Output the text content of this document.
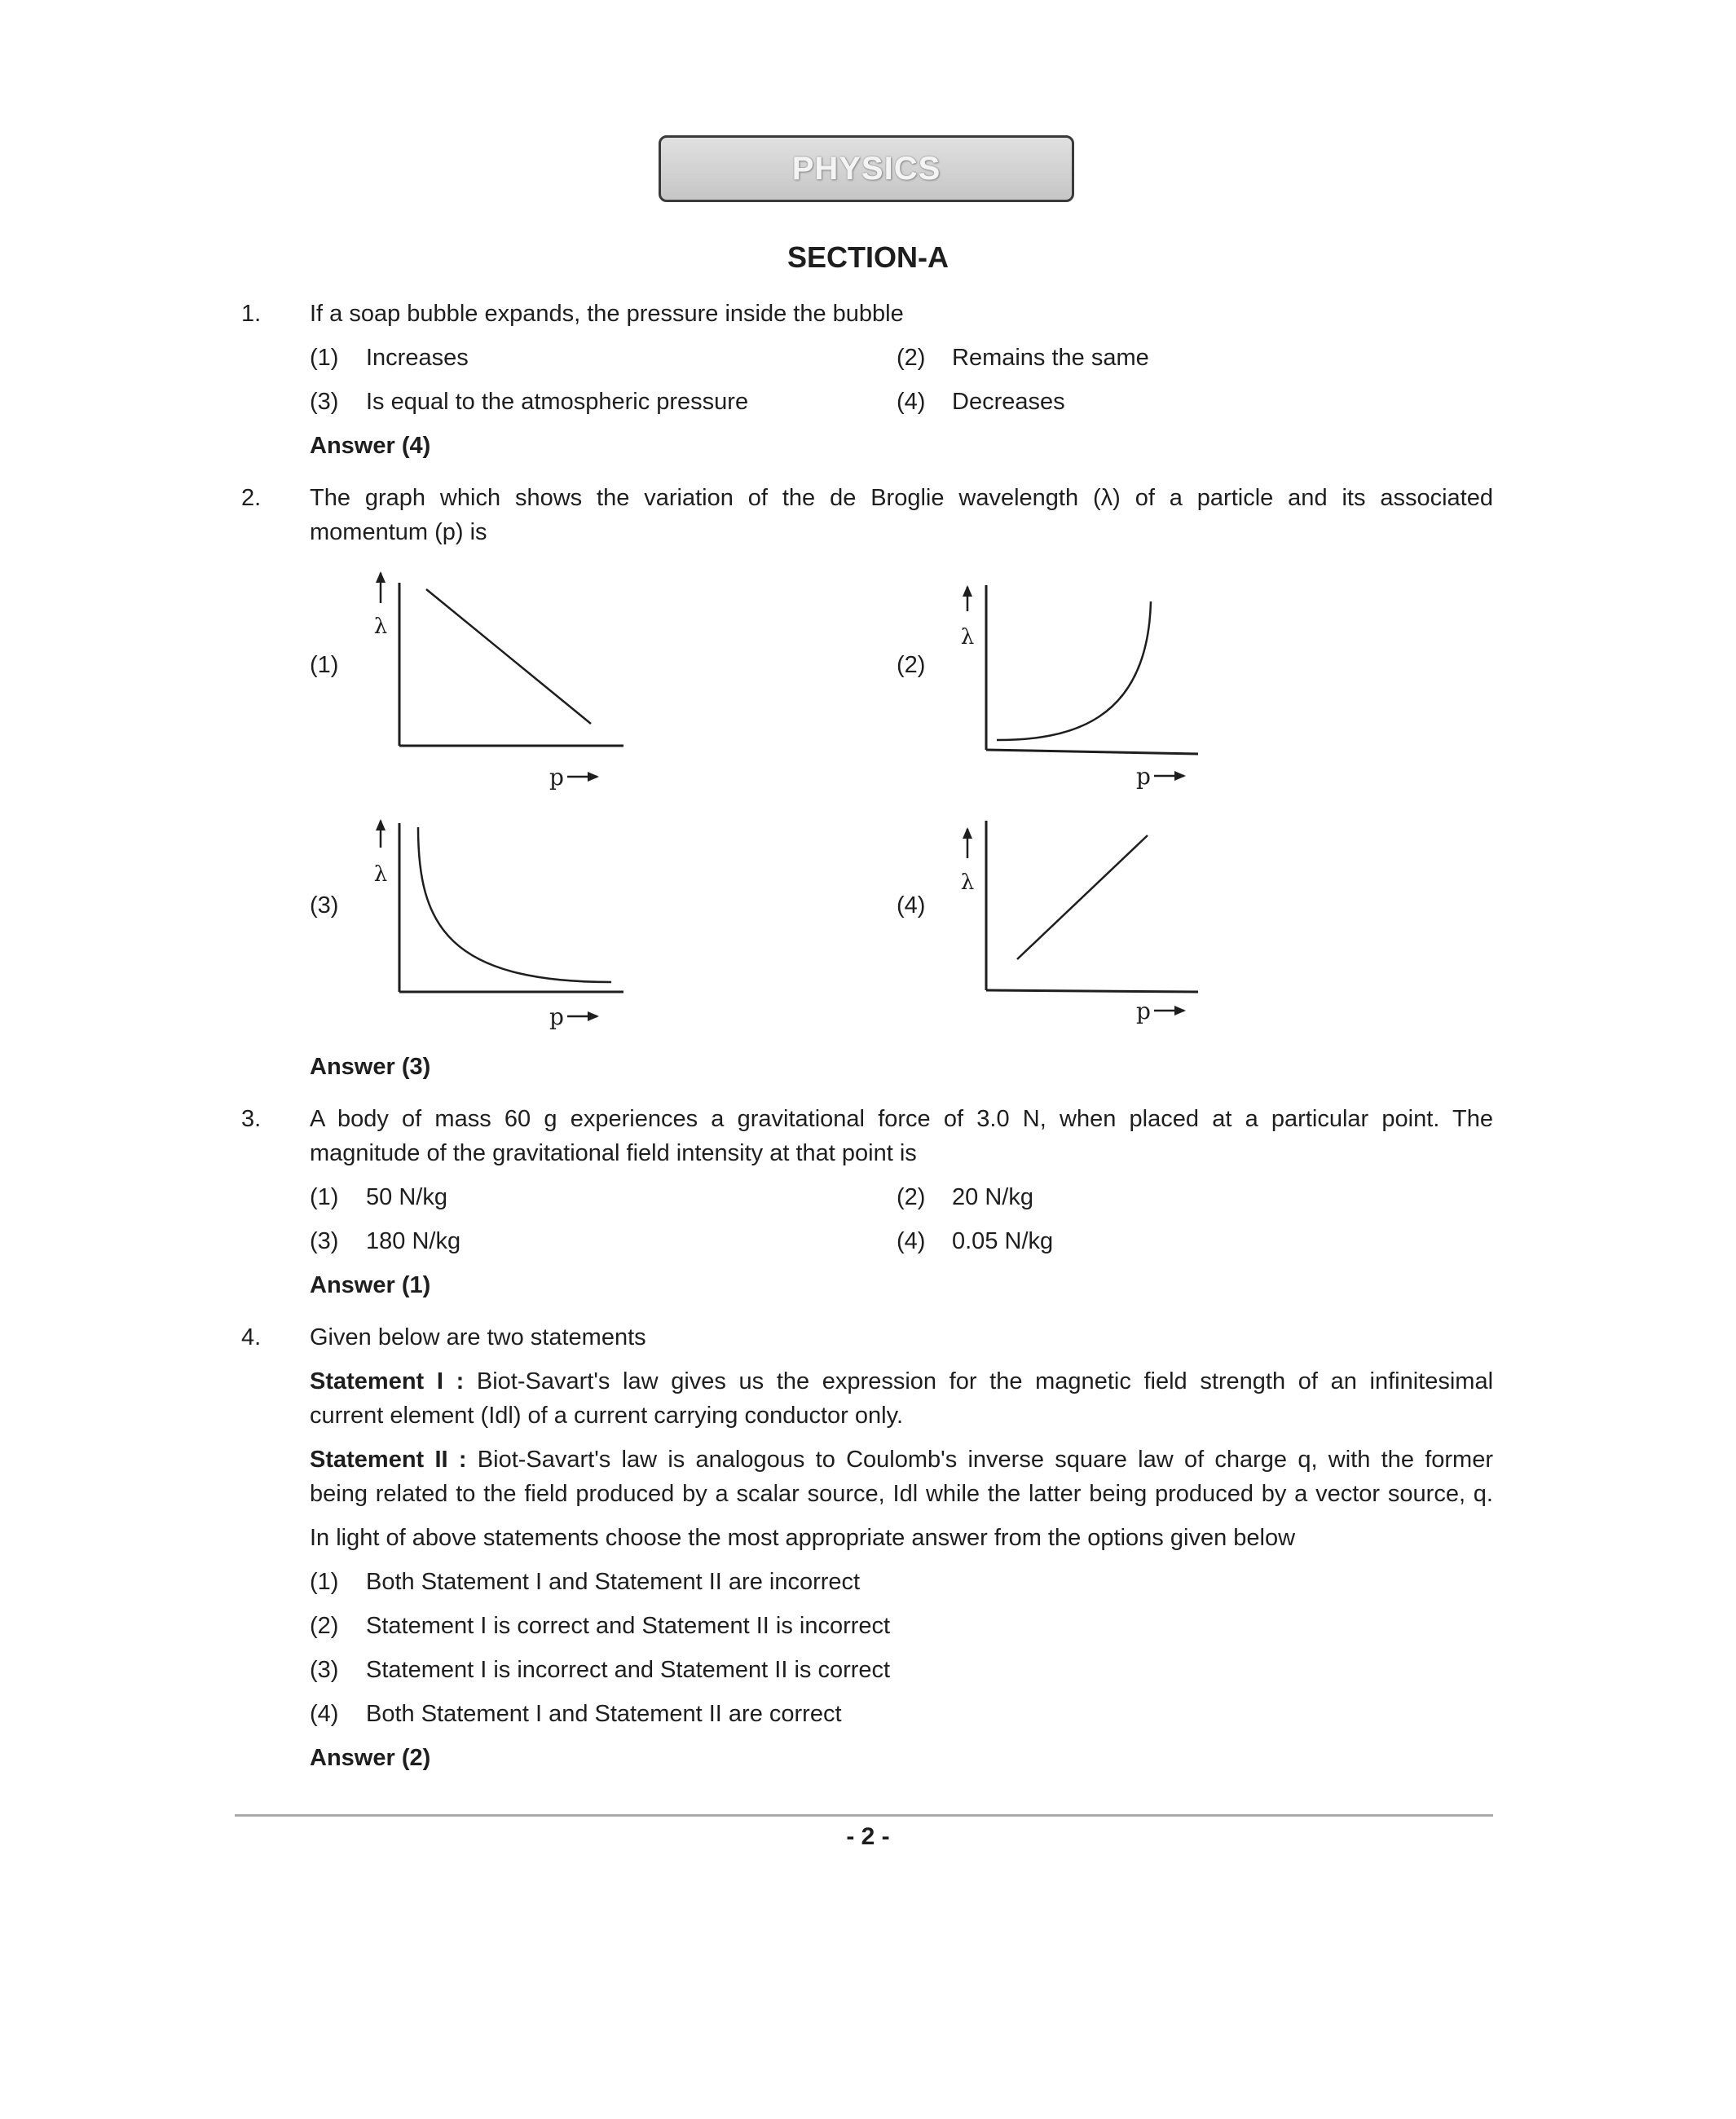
PHYSICS
SECTION-A
1. If a soap bubble expands, the pressure inside the bubble
(1) Increases	(2) Remains the same
(3) Is equal to the atmospheric pressure	(4) Decreases
Answer (4)
2. The graph which shows the variation of the de Broglie wavelength (λ) of a particle and its associated
momentum (p) is
(1)
λ
p
(2)
λ
p
(3)
λ
p
(4)
λ
p
Answer (3)
3. A body of mass 60 g experiences a gravitational force of 3.0 N, when placed at a particular point. The
magnitude of the gravitational field intensity at that point is
(1) 50 N/kg	(2) 20 N/kg
(3) 180 N/kg	(4) 0.05 N/kg
Answer (1)
4. Given below are two statements
Statement I : Biot-Savart's law gives us the expression for the magnetic field strength of an infinitesimal
current element (Idl) of a current carrying conductor only.
Statement II : Biot-Savart's law is analogous to Coulomb's inverse square law of charge q, with the former
being related to the field produced by a scalar source, Idl while the latter being produced by a vector source, q.
In light of above statements choose the most appropriate answer from the options given below
(1) Both Statement I and Statement II are incorrect
(2) Statement I is correct and Statement II is incorrect
(3) Statement I is incorrect and Statement II is correct
(4) Both Statement I and Statement II are correct
Answer (2)
- 2 -
